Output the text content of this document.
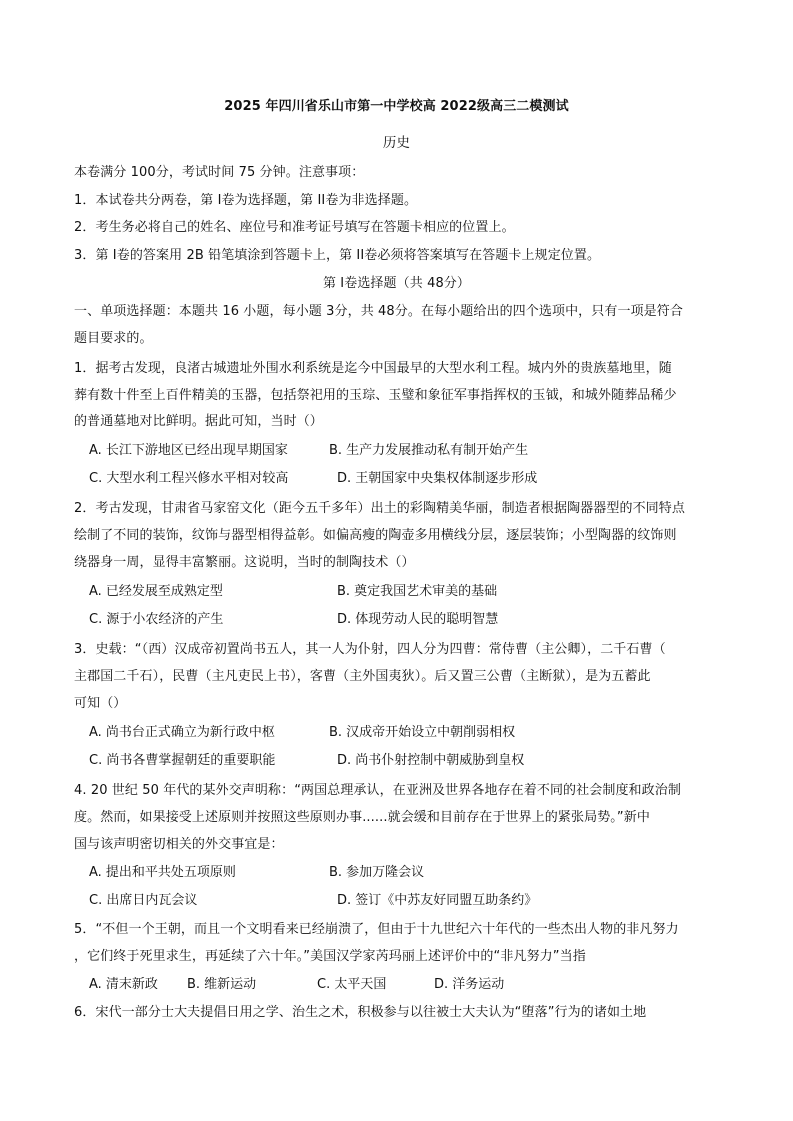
2025 年四川省乐山市第一中学校高 2022级高三二模测试
历史
本卷满分 100分，考试时间 75 分钟。注意事项：
1．本试卷共分两卷，第 I卷为选择题，第 II卷为非选择题。
2．考生务必将自己的姓名、座位号和准考证号填写在答题卡相应的位置上。
3．第 I卷的答案用 2B 铅笔填涂到答题卡上，第 II卷必须将答案填写在答题卡上规定位置。
第 I卷选择题（共 48分）
一、单项选择题：本题共 16 小题，每小题 3分，共 48分。在每小题给出的四个选项中，只有一项是符合
题目要求的。
1．据考古发现，良渚古城遗址外围水利系统是迄今中国最早的大型水利工程。城内外的贵族墓地里，随
葬有数十件至上百件精美的玉器，包括祭祀用的玉琮、玉璧和象征军事指挥权的玉钺，和城外随葬品稀少
的普通墓地对比鲜明。据此可知，当时（）
A. 长江下游地区已经出现早期国家	B. 生产力发展推动私有制开始产生
C. 大型水利工程兴修水平相对较高	D. 王朝国家中央集权体制逐步形成
2．考古发现，甘肃省马家窑文化（距今五千多年）出土的彩陶精美华丽，制造者根据陶器器型的不同特点
绘制了不同的装饰，纹饰与器型相得益彰。如偏高瘦的陶壶多用横线分层，逐层装饰；小型陶器的纹饰则
绕器身一周，显得丰富繁丽。这说明，当时的制陶技术（）
A. 已经发展至成熟定型	B. 奠定我国艺术审美的基础
C. 源于小农经济的产生	D. 体现劳动人民的聪明智慧
3．史载：“（西）汉成帝初置尚书五人，其一人为仆射，四人分为四曹：常侍曹（主公卿），二千石曹（
主郡国二千石），民曹（主凡吏民上书），客曹（主外国夷狄）。后又置三公曹（主断狱），是为五蓄此
可知（）
A. 尚书台正式确立为新行政中枢	B. 汉成帝开始设立中朝削弱相权
C. 尚书各曹掌握朝廷的重要职能	D. 尚书仆射控制中朝威胁到皇权
4. 20 世纪 50 年代的某外交声明称：“两国总理承认，在亚洲及世界各地存在着不同的社会制度和政治制
度。然而，如果接受上述原则并按照这些原则办事......就会缓和目前存在于世界上的紧张局势。”新中
国与该声明密切相关的外交事宜是：
A. 提出和平共处五项原则	B. 参加万隆会议
C. 出席日内瓦会议	D. 签订《中苏友好同盟互助条约》
5．“不但一个王朝，而且一个文明看来已经崩溃了，但由于十九世纪六十年代的一些杰出人物的非凡努力
，它们终于死里求生，再延续了六十年。”美国汉学家芮玛丽上述评价中的“非凡努力”当指
A. 清末新政 B. 维新运动	C. 太平天国	D. 洋务运动
6．宋代一部分士大夫提倡日用之学、治生之术，积极参与以往被士大夫认为“堕落”行为的诸如土地
